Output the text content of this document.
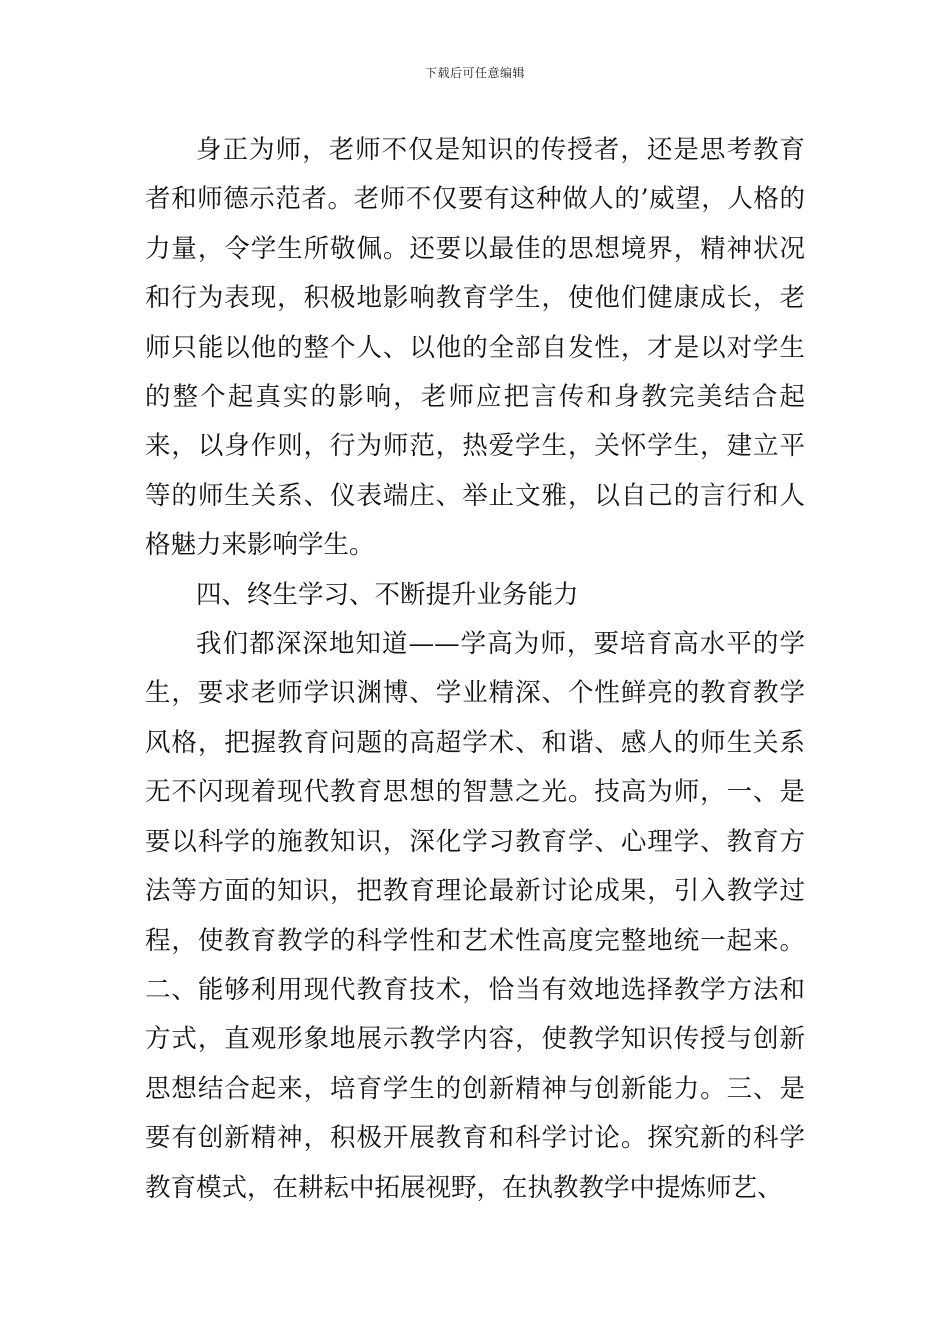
下载后可任意编辑

身正为师，老师不仅是知识的传授者，还是思考教育者和师德示范者。老师不仅要有这种做人的’威望，人格的力量，令学生所敬佩。还要以最佳的思想境界，精神状况和行为表现，积极地影响教育学生，使他们健康成长，老师只能以他的整个人、以他的全部自发性，才是以对学生的整个起真实的影响，老师应把言传和身教完美结合起来，以身作则，行为师范，热爱学生，关怀学生，建立平等的师生关系、仪表端庄、举止文雅，以自己的言行和人格魅力来影响学生。

四、终生学习、不断提升业务能力

我们都深深地知道——学高为师，要培育高水平的学生，要求老师学识渊博、学业精深、个性鲜亮的教育教学风格，把握教育问题的高超学术、和谐、感人的师生关系无不闪现着现代教育思想的智慧之光。技高为师，一、是要以科学的施教知识，深化学习教育学、心理学、教育方法等方面的知识，把教育理论最新讨论成果，引入教学过程，使教育教学的科学性和艺术性高度完整地统一起来。二、能够利用现代教育技术，恰当有效地选择教学方法和方式，直观形象地展示教学内容，使教学知识传授与创新思想结合起来，培育学生的创新精神与创新能力。三、是要有创新精神，积极开展教育和科学讨论。探究新的科学教育模式，在耕耘中拓展视野，在执教教学中提炼师艺、
